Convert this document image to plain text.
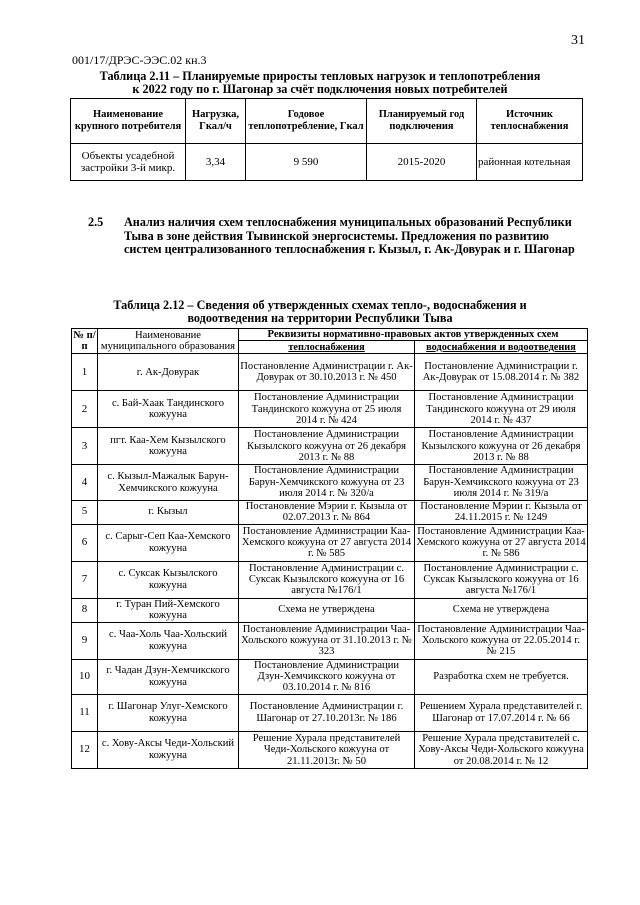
31
001/17/ДРЭС-ЭЭС.02 кн.3
Таблица 2.11 – Планируемые приросты тепловых нагрузок и теплопотребления
к 2022 году по г. Шагонар за счёт подключения новых потребителей
Наименование крупного потребителя	Нагрузка, Гкал/ч	Годовое теплопотребление, Гкал	Планируемый год подключения	Источник теплоснабжения
Объекты усадебной застройки 3-й микр.	3,34	9 590	2015-2020	районная котельная
2.5 Анализ наличия схем теплоснабжения муниципальных образований Республики Тыва в зоне действия Тывинской энергосистемы. Предложения по развитию систем централизованного теплоснабжения г. Кызыл, г. Ак-Довурак и г. Шагонар
Таблица 2.12 – Сведения об утвержденных схемах тепло-, водоснабжения и
водоотведения на территории Республики Тыва
№ п/п	Наименование муниципального образования	Реквизиты нормативно-правовых актов утвержденных схем	
		теплоснабжения	водоснабжения и водоотведения
1	г. Ак-Довурак	Постановление Администрации г. Ак-Довурак от 30.10.2013 г. № 450	Постановление Администрации г. Ак-Довурак от 15.08.2014 г. № 382
2	с. Бай-Хаак Тандинского кожууна	Постановление Администрации Тандинского кожууна от 25 июля 2014 г. № 424	Постановление Администрации Тандинского кожууна от 29 июля 2014 г. № 437
3	пгт. Каа-Хем Кызылского кожууна	Постановление Администрации Кызылского кожууна от 26 декабря 2013 г. № 88	Постановление Администрации Кызылского кожууна от 26 декабря 2013 г. № 88
4	с. Кызыл-Мажалык Барун-Хемчикского кожууна	Постановление Администрации Барун-Хемчикского кожууна от 23 июля 2014 г. № 320/а	Постановление Администрации Барун-Хемчикского кожууна от 23 июля 2014 г. № 319/а
5	г. Кызыл	Постановление Мэрии г. Кызыла от 02.07.2013 г. № 864	Постановление Мэрии г. Кызыла от 24.11.2015 г. № 1249
6	с. Сарыг-Сеп Каа-Хемского кожууна	Постановление Администрации Каа-Хемского кожууна от 27 августа 2014 г. № 585	Постановление Администрации Каа-Хемского кожууна от 27 августа 2014 г. № 586
7	с. Суксак Кызылского кожууна	Постановление Администрации с. Суксак Кызылского кожууна от 16 августа №176/1	Постановление Администрации с. Суксак Кызылского кожууна от 16 августа №176/1
8	г. Туран Пий-Хемского кожууна	Схема не утверждена	Схема не утверждена
9	с. Чаа-Холь Чаа-Хольский кожууна	Постановление Администрации Чаа-Хольского кожууна от 31.10.2013 г. № 323	Постановление Администрации Чаа-Хольского кожууна от 22.05.2014 г. № 215
10	г. Чадан Дзун-Хемчикского кожууна	Постановление Администрации Дзун-Хемчикского кожууна от 03.10.2014 г. № 816	Разработка схем не требуется.
11	г. Шагонар Улуг-Хемского кожууна	Постановление Администрации г. Шагонар от 27.10.2013г. № 186	Решением Хурала представителей г. Шагонар от 17.07.2014 г. № 66
12	с. Хову-Аксы Чеди-Хольский кожууна	Решение Хурала представителей Чеди-Хольского кожууна от 21.11.2013г. № 50	Решение Хурала представителей с. Хову-Аксы Чеди-Хольского кожууна от 20.08.2014 г. № 12
